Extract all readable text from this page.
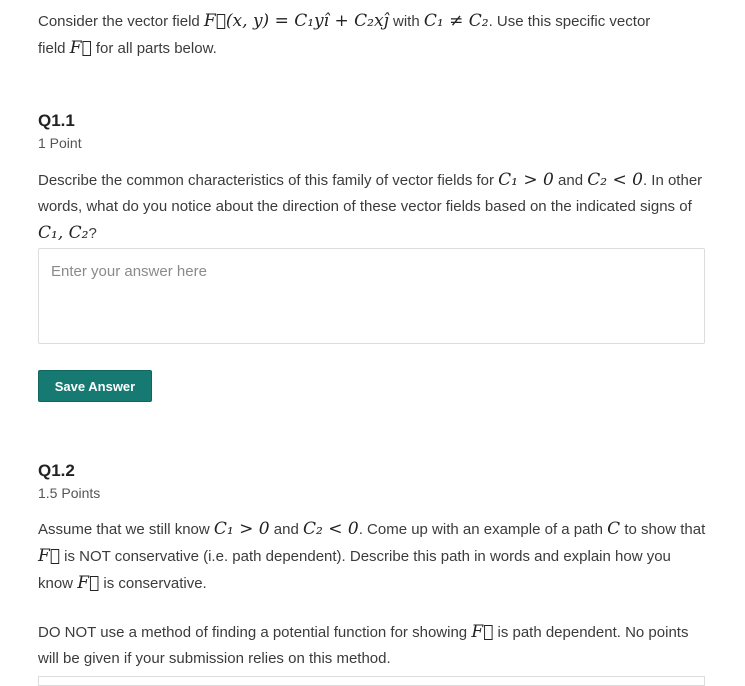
Consider the vector field F⃗(x, y) = C₁yî + C₂xĵ with C₁ ≠ C₂. Use this specific vector
field F⃗ for all parts below.
Q1.1
1 Point
Describe the common characteristics of this family of vector fields for C₁ > 0 and C₂ < 0. In other words, what do you notice about the direction of these vector fields based on the indicated signs of C₁, C₂?
Enter your answer here
Save Answer
Q1.2
1.5 Points
Assume that we still know C₁ > 0 and C₂ < 0. Come up with an example of a path C to show that F⃗ is NOT conservative (i.e. path dependent). Describe this path in words and explain how you know F⃗ is conservative.
DO NOT use a method of finding a potential function for showing F⃗ is path dependent. No points will be given if your submission relies on this method.
